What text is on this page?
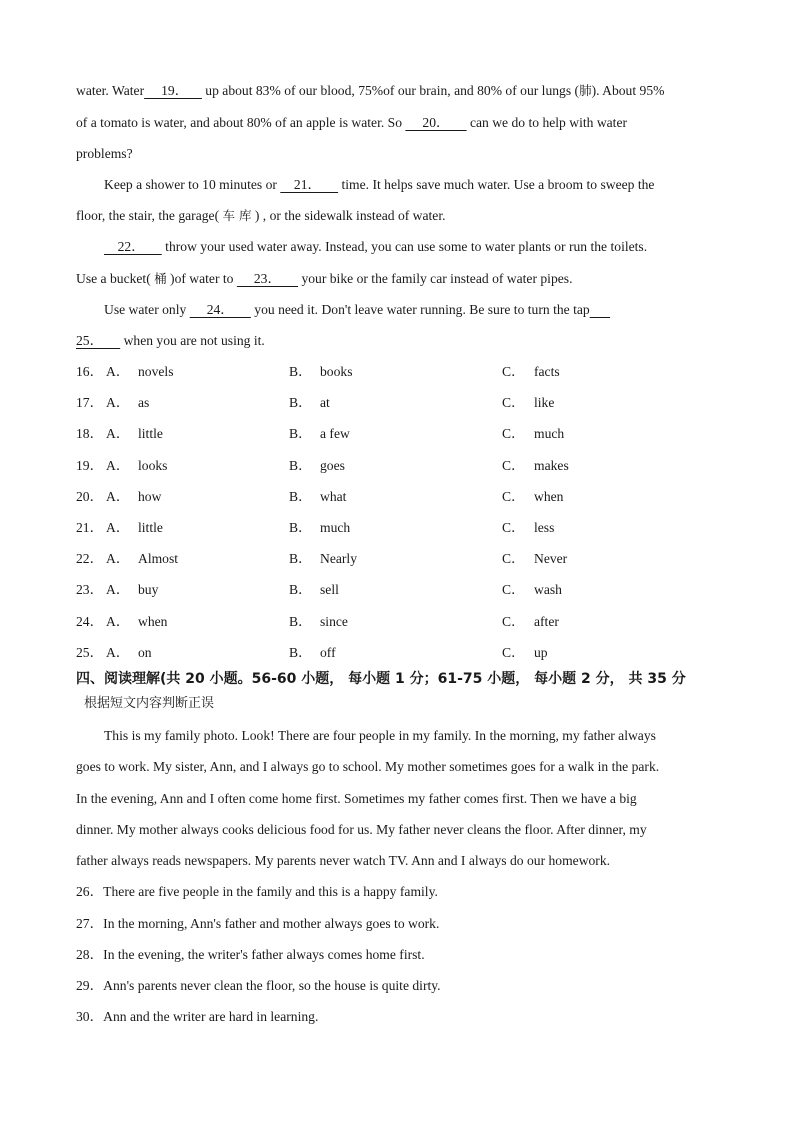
water. Water     19．     up about 83% of our blood, 75%of our brain, and 80% of our lungs (肺). About 95%
of a tomato is water, and about 80% of an apple is water. So      20．      can we do to help with water
problems?
Keep a shower to 10 minutes or     21．      time. It helps save much water. Use a broom to sweep the
floor, the stair, the garage( 车 库 ) , or the sidewalk instead of water.
22．      throw your used water away. Instead, you can use some to water plants or run the toilets.
Use a bucket( 桶 )of water to      23．      your bike or the family car instead of water pipes.
Use water only      24．      you need it. Don't leave water running. Be sure to turn the tap
25．      when you are not using it.
16． A． novels	B． books	C． facts
17． A． as	B． at	C． like
18． A． little	B． a few	C． much
19． A． looks	B． goes	C． makes
20． A． how	B． what	C． when
21． A． little	B． much	C． less
22． A． Almost	B． Nearly	C． Never
23． A． buy	B． sell	C． wash
24． A． when	B． since	C． after
25． A． on	B． off	C． up
四、阅读理解(共 20 小题。56-60 小题， 每小题 1 分；61-75 小题， 每小题 2 分， 共 35 分
根据短文内容判断正误
This is my family photo. Look! There are four people in my family. In the morning, my father always
goes to work. My sister, Ann, and I always go to school. My mother sometimes goes for a walk in the park.
In the evening, Ann and I often come home first. Sometimes my father comes first. Then we have a big
dinner. My mother always cooks delicious food for us. My father never cleans the floor. After dinner, my
father always reads newspapers. My parents never watch TV. Ann and I always do our homework.
26．There are five people in the family and this is a happy family.
27．In the morning, Ann's father and mother always goes to work.
28．In the evening, the writer's father always comes home first.
29．Ann's parents never clean the floor, so the house is quite dirty.
30．Ann and the writer are hard in learning.
